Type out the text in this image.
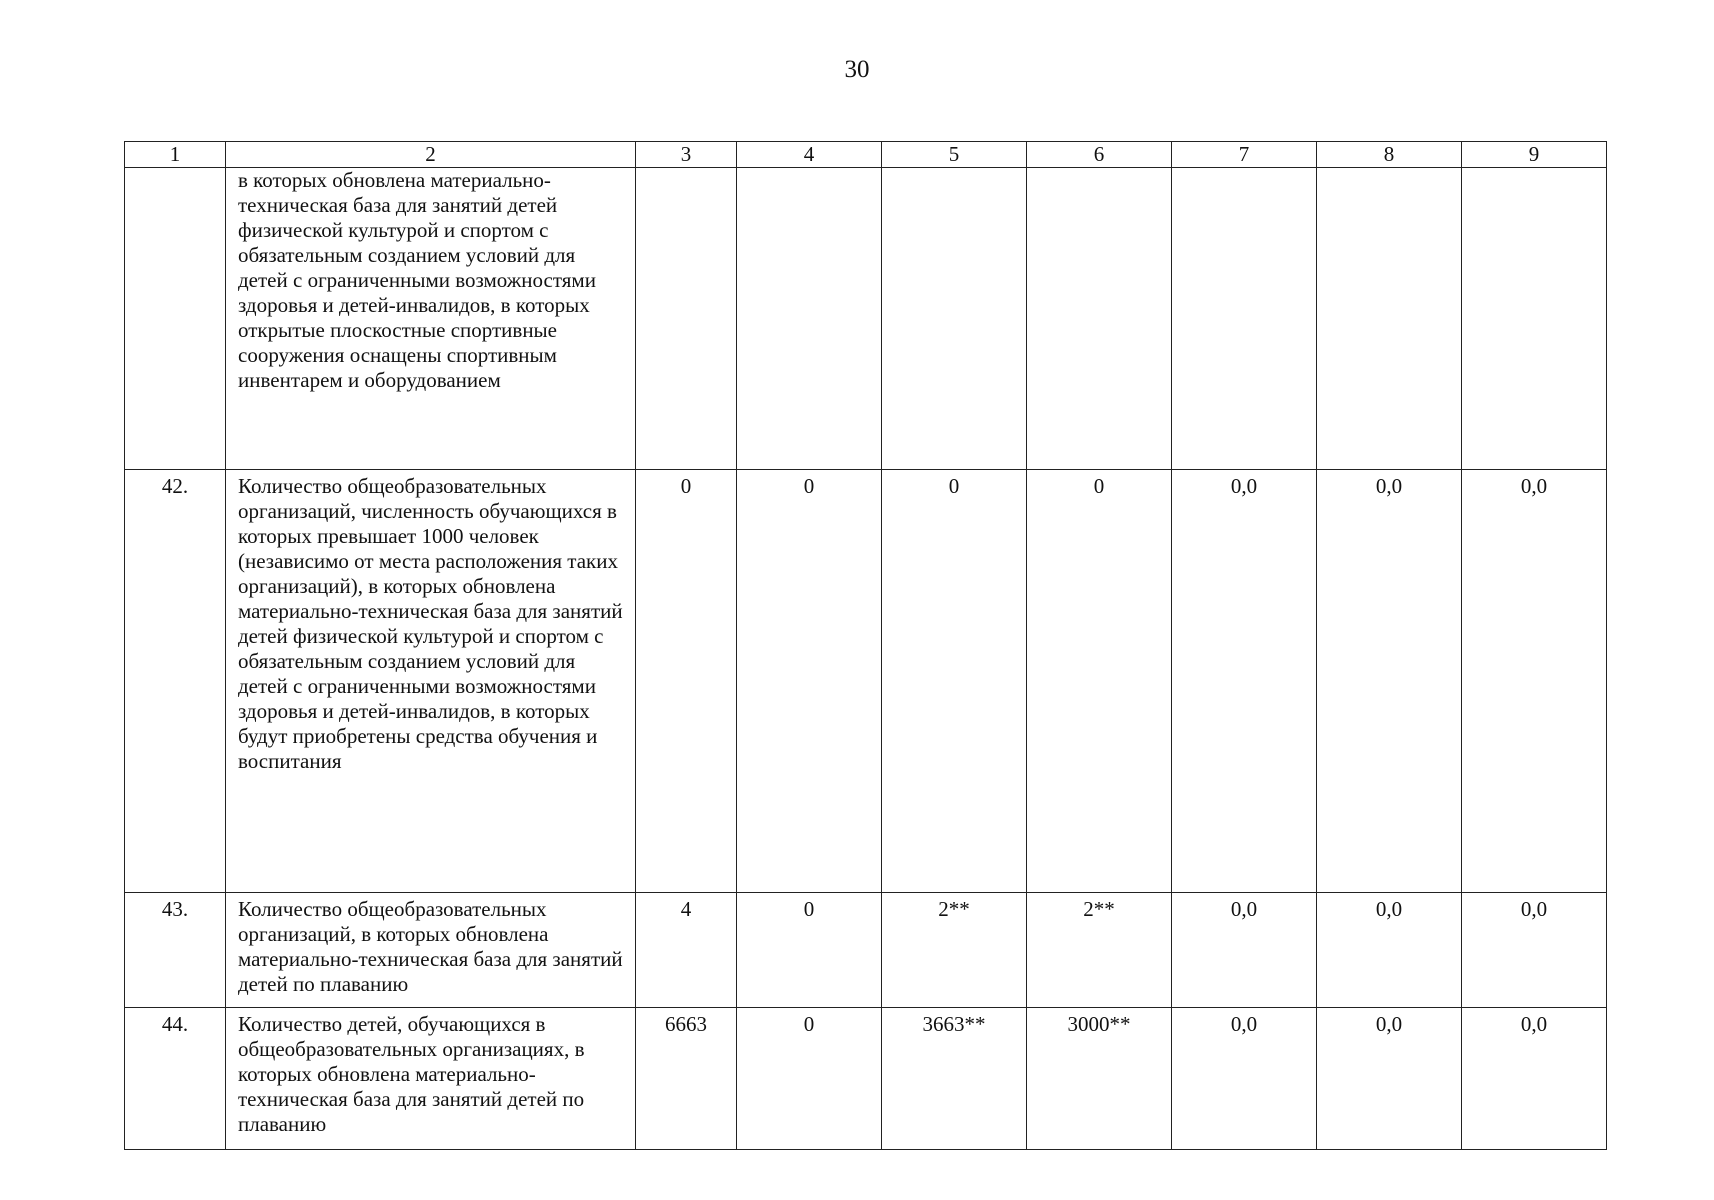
30
1	2	3	4	5	6	7	8	9
	в которых обновлена материально-техническая база для занятий детей физической культурой и спортом с обязательным созданием условий для детей с ограниченными возможностями здоровья и детей-инвалидов, в которых открытые плоскостные спортивные сооружения оснащены спортивным инвентарем и оборудованием							
42.	Количество общеобразовательных организаций, численность обучающихся в которых превышает 1000 человек (независимо от места расположения таких организаций), в которых обновлена материально-техническая база для занятий детей физической культурой и спортом с обязательным созданием условий для детей с ограниченными возможностями здоровья и детей-инвалидов, в которых будут приобретены средства обучения и воспитания	0	0	0	0	0,0	0,0	0,0
43.	Количество общеобразовательных организаций, в которых обновлена материально-техническая база для занятий детей по плаванию	4	0	2**	2**	0,0	0,0	0,0
44.	Количество детей, обучающихся в общеобразовательных организациях, в которых обновлена материально-техническая база для занятий детей по плаванию	6663	0	3663**	3000**	0,0	0,0	0,0
